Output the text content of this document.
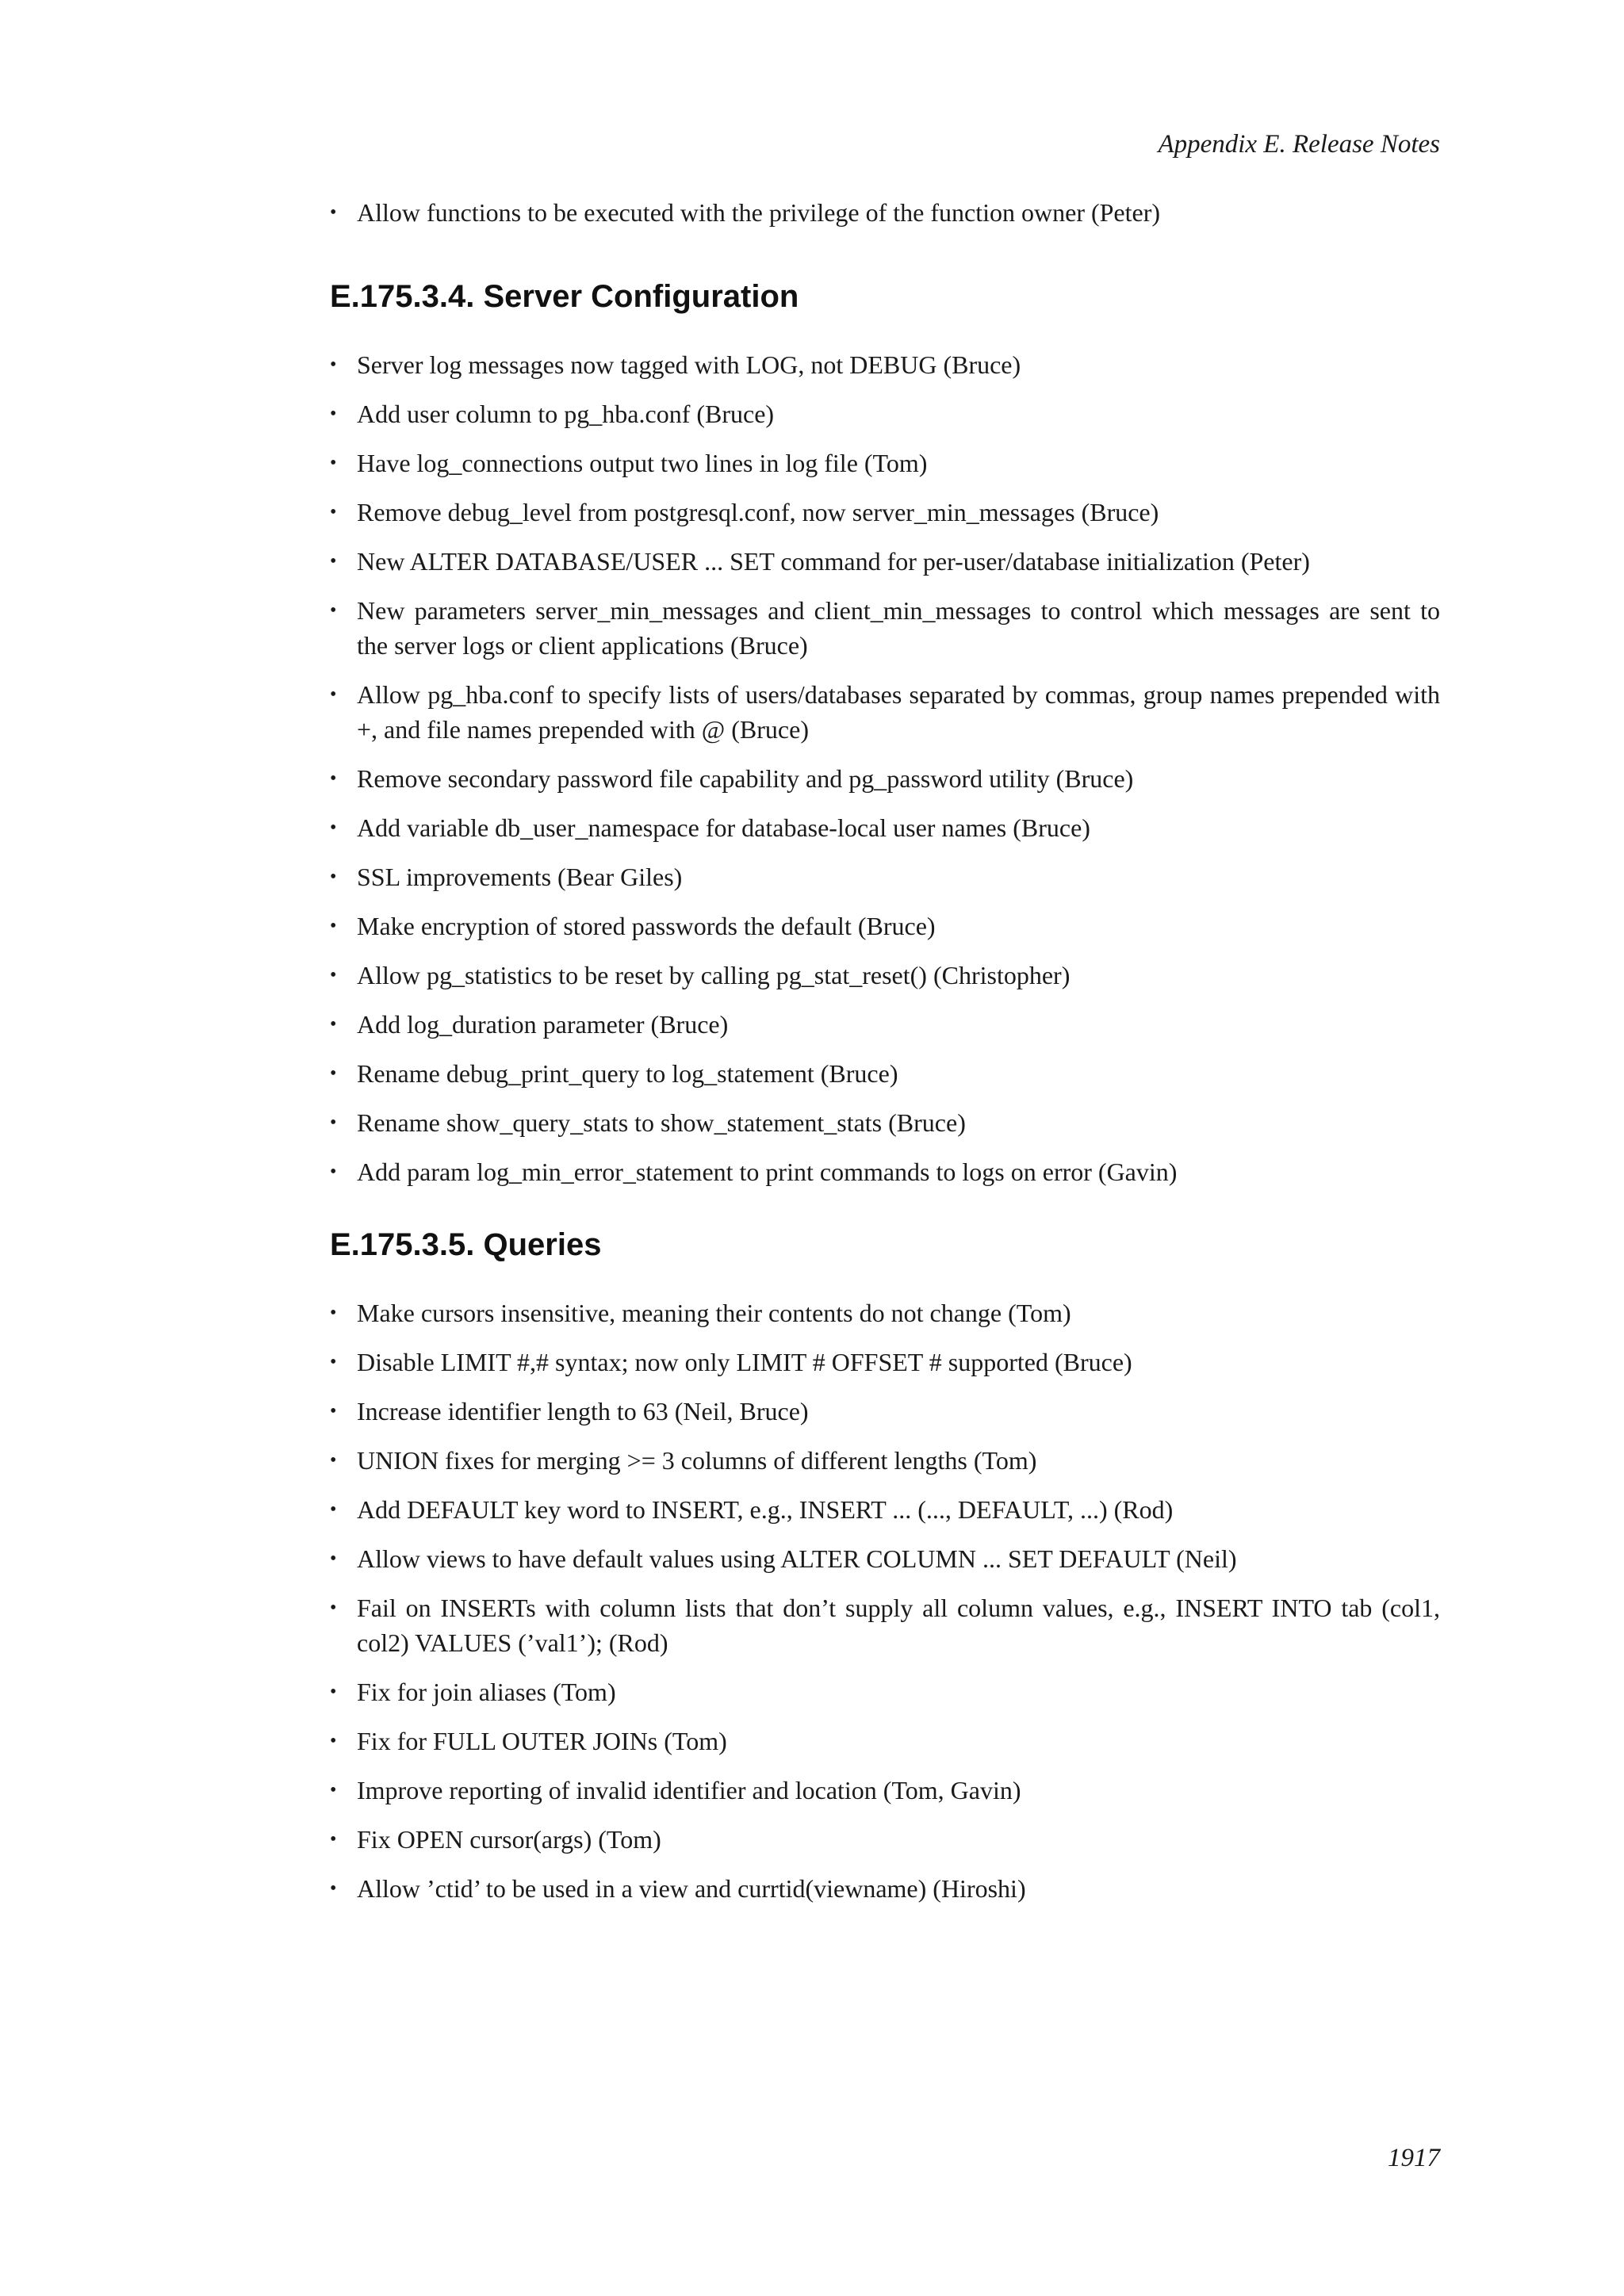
Appendix E. Release Notes
• Allow functions to be executed with the privilege of the function owner (Peter)
E.175.3.4. Server Configuration
• Server log messages now tagged with LOG, not DEBUG (Bruce)
• Add user column to pg_hba.conf (Bruce)
• Have log_connections output two lines in log file (Tom)
• Remove debug_level from postgresql.conf, now server_min_messages (Bruce)
• New ALTER DATABASE/USER ... SET command for per-user/database initialization (Peter)
• New parameters server_min_messages and client_min_messages to control which messages are sent to the server logs or client applications (Bruce)
• Allow pg_hba.conf to specify lists of users/databases separated by commas, group names prepended with +, and file names prepended with @ (Bruce)
• Remove secondary password file capability and pg_password utility (Bruce)
• Add variable db_user_namespace for database-local user names (Bruce)
• SSL improvements (Bear Giles)
• Make encryption of stored passwords the default (Bruce)
• Allow pg_statistics to be reset by calling pg_stat_reset() (Christopher)
• Add log_duration parameter (Bruce)
• Rename debug_print_query to log_statement (Bruce)
• Rename show_query_stats to show_statement_stats (Bruce)
• Add param log_min_error_statement to print commands to logs on error (Gavin)
E.175.3.5. Queries
• Make cursors insensitive, meaning their contents do not change (Tom)
• Disable LIMIT #,# syntax; now only LIMIT # OFFSET # supported (Bruce)
• Increase identifier length to 63 (Neil, Bruce)
• UNION fixes for merging >= 3 columns of different lengths (Tom)
• Add DEFAULT key word to INSERT, e.g., INSERT ... (..., DEFAULT, ...) (Rod)
• Allow views to have default values using ALTER COLUMN ... SET DEFAULT (Neil)
• Fail on INSERTs with column lists that don’t supply all column values, e.g., INSERT INTO tab (col1, col2) VALUES (’val1’); (Rod)
• Fix for join aliases (Tom)
• Fix for FULL OUTER JOINs (Tom)
• Improve reporting of invalid identifier and location (Tom, Gavin)
• Fix OPEN cursor(args) (Tom)
• Allow ’ctid’ to be used in a view and currtid(viewname) (Hiroshi)
1917
